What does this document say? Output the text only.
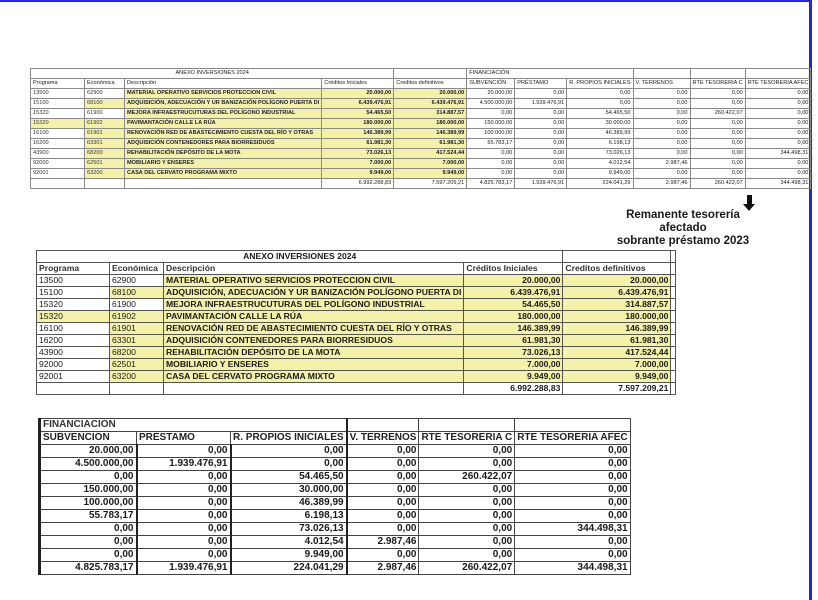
ANEXO INVERSIONES 2024					FINANCIACIÓN					
Programa	Económica	Descripción	Créditos Iniciales	Creditos definitivos	SUBVENCIÓN	PRÉSTAMO	R. PROPIOS INICIALES	V. TERRENOS	RTE TESORERIA C	RTE TESORERIA AFEC
13500	62900	MATERIAL OPERATIVO SERVICIOS PROTECCION CIVIL	20.000,00	20.000,00	20.000,00	0,00	0,00	0,00	0,00	0,00
15100	68100	ADQUISICIÓN, ADECUACIÓN Y UR BANIZACIÓN POLÍGONO PUERTA DI	6.439.476,91	6.439.476,91	4.500.000,00	1.939.476,91	0,00	0,00	0,00	0,00
15320	61900	MEJORA INFRAESTRUCUTURAS DEL POLÍGONO INDUSTRIAL	54.465,50	314.887,57	0,00	0,00	54.465,50	0,00	260.422,07	0,00
15320	61902	PAVIMANTACIÓN CALLE LA RÚA	180.000,00	180.000,00	150.000,00	0,00	30.000,00	0,00	0,00	0,00
16100	61901	RENOVACIÓN RED DE ABASTECIMIENTO CUESTA DEL RÍO Y OTRAS	146.389,99	146.389,99	100.000,00	0,00	46.389,99	0,00	0,00	0,00
16200	63301	ADQUISICIÓN CONTENEDORES PARA BIORRESIDUOS	61.981,30	61.981,30	55.783,17	0,00	6.198,13	0,00	0,00	0,00
43900	68200	REHABILITACIÓN DEPÓSITO DE LA MOTA	73.026,13	417.524,44	0,00	0,00	73.026,13	0,00	0,00	344.498,31
92000	62501	MOBILIARIO Y ENSERES	7.000,00	7.000,00	0,00	0,00	4.012,54	2.987,46	0,00	0,00
92001	63200	CASA DEL CERVATO PROGRAMA MIXTO	9.949,00	9.949,00	0,00	0,00	9.949,00	0,00	0,00	0,00
			6.992.288,83	7.597.209,21	4.825.783,17	1.939.476,91	224.041,29	2.987,46	260.422,07	344.498,31
Remanente tesorería afectado
sobrante préstamo 2023
ANEXO INVERSIONES 2024					
Programa	Económica	Descripción	Créditos Iniciales	Creditos definitivos	
13500	62900	MATERIAL OPERATIVO SERVICIOS PROTECCION CIVIL	20.000,00	20.000,00	
15100	68100	ADQUISICIÓN, ADECUACIÓN Y UR BANIZACIÓN POLÍGONO PUERTA DI	6.439.476,91	6.439.476,91	
15320	61900	MEJORA INFRAESTRUCUTURAS DEL POLÍGONO INDUSTRIAL	54.465,50	314.887,57	
15320	61902	PAVIMANTACIÓN CALLE LA RÚA	180.000,00	180.000,00	
16100	61901	RENOVACIÓN RED DE ABASTECIMIENTO CUESTA DEL RÍO Y OTRAS	146.389,99	146.389,99	
16200	63301	ADQUISICIÓN CONTENEDORES PARA BIORRESIDUOS	61.981,30	61.981,30	
43900	68200	REHABILITACIÓN DEPÓSITO DE LA MOTA	73.026,13	417.524,44	
92000	62501	MOBILIARIO Y ENSERES	7.000,00	7.000,00	
92001	63200	CASA DEL CERVATO PROGRAMA MIXTO	9.949,00	9.949,00	
			6.992.288,83	7.597.209,21	
FINANCIACIÓN					
SUBVENCIÓN	PRÉSTAMO	R. PROPIOS INICIALES	V. TERRENOS	RTE TESORERIA C	RTE TESORERIA AFEC
20.000,00	0,00	0,00	0,00	0,00	0,00
4.500.000,00	1.939.476,91	0,00	0,00	0,00	0,00
0,00	0,00	54.465,50	0,00	260.422,07	0,00
150.000,00	0,00	30.000,00	0,00	0,00	0,00
100.000,00	0,00	46.389,99	0,00	0,00	0,00
55.783,17	0,00	6.198,13	0,00	0,00	0,00
0,00	0,00	73.026,13	0,00	0,00	344.498,31
0,00	0,00	4.012,54	2.987,46	0,00	0,00
0,00	0,00	9.949,00	0,00	0,00	0,00
4.825.783,17	1.939.476,91	224.041,29	2.987,46	260.422,07	344.498,31
